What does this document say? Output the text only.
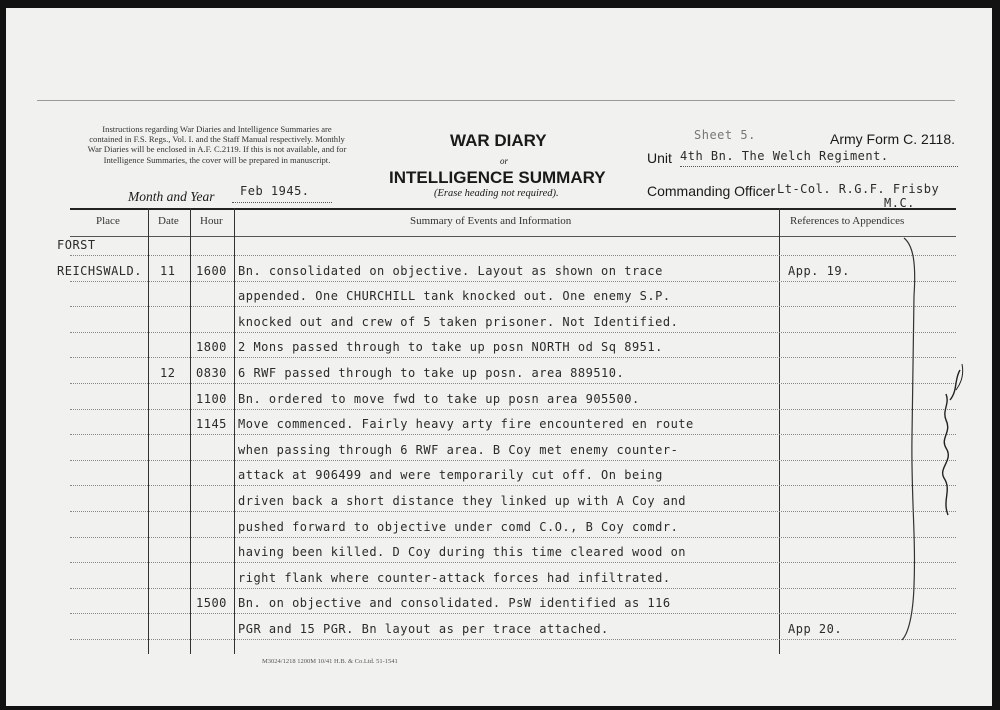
Instructions regarding War Diaries and Intelligence Summaries are contained in F.S. Regs., Vol. I. and the Staff Manual respectively. Monthly War Diaries will be enclosed in A.F. C.2119. If this is not available, and for Intelligence Summaries, the cover will be prepared in manuscript.
WAR DIARY
or
INTELLIGENCE SUMMARY
(Erase heading not required).
Sheet 5.	Army Form C. 2118.
Unit 4th Bn. The Welch Regiment.
Commanding Officer Lt-Col. R.G.F. Frisby
M.C.
Month and Year Feb 1945.
Place	Date Hour	Summary of Events and Information	References to Appendices
FORST
REICHSWALD. 11 1600 Bn. consolidated on objective. Layout as shown on trace	App. 19.
appended. One CHURCHILL tank knocked out. One enemy S.P.
knocked out and crew of 5 taken prisoner. Not Identified.
1800 2 Mons passed through to take up posn NORTH od Sq 8951.
12 0830 6 RWF passed through to take up posn. area 889510.
1100 Bn. ordered to move fwd to take up posn area 905500.
1145 Move commenced. Fairly heavy arty fire encountered en route
when passing through 6 RWF area. B Coy met enemy counter-
attack at 906499 and were temporarily cut off. On being
driven back a short distance they linked up with A Coy and
pushed forward to objective under comd C.O., B Coy comdr.
having been killed. D Coy during this time cleared wood on
right flank where counter-attack forces had infiltrated.
1500 Bn. on objective and consolidated. PsW identified as 116
PGR and 15 PGR. Bn layout as per trace attached.	App 20.
M3024/1218 1200M 10/41 H.B. & Co.Ltd. 51-1541
